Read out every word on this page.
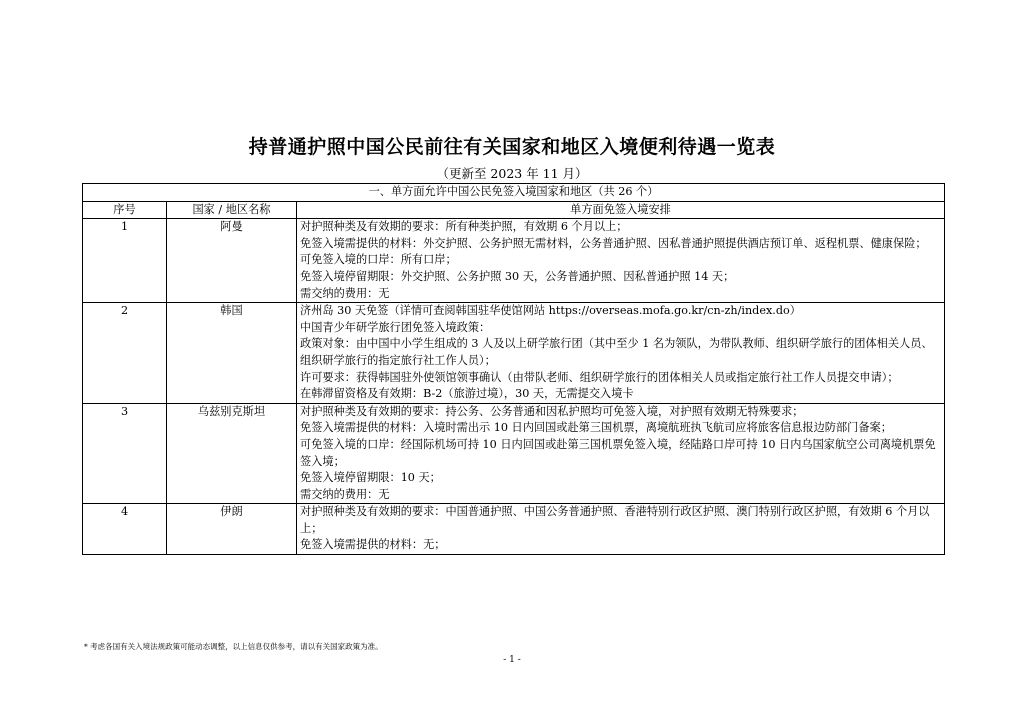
持普通护照中国公民前往有关国家和地区入境便利待遇一览表
（更新至 2023 年 11 月）
一、单方面允许中国公民免签入境国家和地区（共 26 个）		
序号	国家 / 地区名称	单方面免签入境安排
1	阿曼	对护照种类及有效期的要求：所有种类护照，有效期 6 个月以上；
免签入境需提供的材料：外交护照、公务护照无需材料，公务普通护照、因私普通护照提供酒店预订单、返程机票、健康保险；
可免签入境的口岸：所有口岸；
免签入境停留期限：外交护照、公务护照 30 天，公务普通护照、因私普通护照 14 天；
需交纳的费用：无

2	韩国	济州岛 30 天免签（详情可查阅韩国驻华使馆网站 https://overseas.mofa.go.kr/cn-zh/index.do）
中国青少年研学旅行团免签入境政策：
政策对象：由中国中小学生组成的 3 人及以上研学旅行团（其中至少 1 名为领队，为带队教师、组织研学旅行的团体相关人员、组织研学旅行的指定旅行社工作人员）；
许可要求：获得韩国驻外使领馆领事确认（由带队老师、组织研学旅行的团体相关人员或指定旅行社工作人员提交申请）；
在韩滞留资格及有效期：B-2（旅游过境），30 天，无需提交入境卡

3	乌兹别克斯坦	对护照种类及有效期的要求：持公务、公务普通和因私护照均可免签入境，对护照有效期无特殊要求；
免签入境需提供的材料：入境时需出示 10 日内回国或赴第三国机票，离境航班执飞航司应将旅客信息报边防部门备案；
可免签入境的口岸：经国际机场可持 10 日内回国或赴第三国机票免签入境，经陆路口岸可持 10 日内乌国家航空公司离境机票免签入境；
免签入境停留期限：10 天；
需交纳的费用：无

4	伊朗	对护照种类及有效期的要求：中国普通护照、中国公务普通护照、香港特别行政区护照、澳门特别行政区护照，有效期 6 个月以上；
免签入境需提供的材料：无；
* 考虑各国有关入境法规政策可能动态调整，以上信息仅供参考，请以有关国家政策为准。
- 1 -
